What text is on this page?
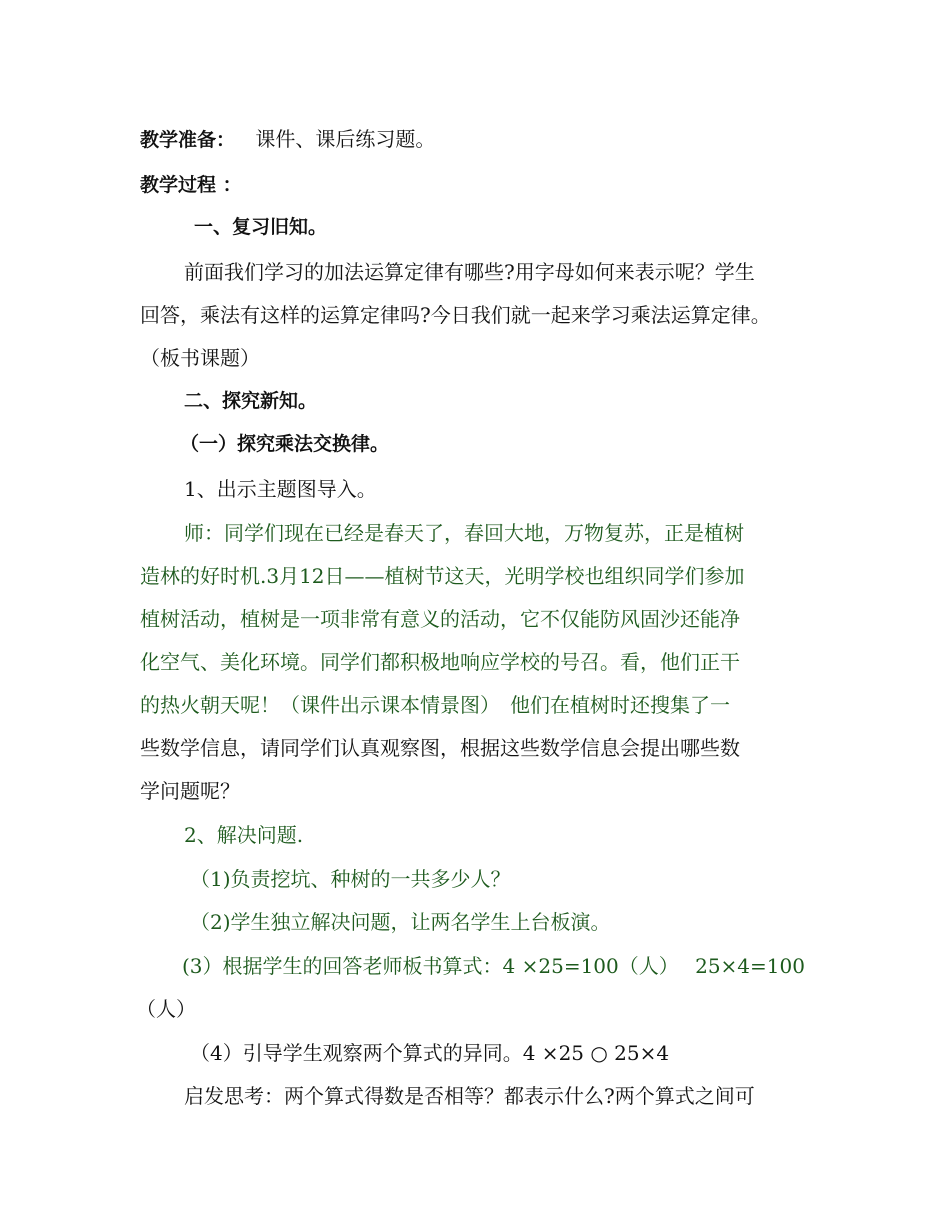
教学准备： 课件、课后练习题。
教学过程 ：
一、复习旧知。
前面我们学习的加法运算定律有哪些?用字母如何来表示呢？学生
回答，乘法有这样的运算定律吗?今日我们就一起来学习乘法运算定律。
（板书课题）
二、探究新知。
（一）探究乘法交换律。
1、出示主题图导入。
师：同学们现在已经是春天了，春回大地，万物复苏，正是植树
造林的好时机.3月12日——植树节这天，光明学校也组织同学们参加
植树活动，植树是一项非常有意义的活动，它不仅能防风固沙还能净
化空气、美化环境。同学们都积极地响应学校的号召。看，他们正干
的热火朝天呢！（课件出示课本情景图）　他们在植树时还搜集了一
些数学信息，请同学们认真观察图，根据这些数学信息会提出哪些数
学问题呢？
2、解决问题.
（1)负责挖坑、种树的一共多少人？
（2)学生独立解决问题，让两名学生上台板演。
(3）根据学生的回答老师板书算式：4 ×25=100（人）　 25×4=100
（人）
（4）引导学生观察两个算式的异同。4 ×25 ○ 25×4
启发思考：两个算式得数是否相等？都表示什么?两个算式之间可
